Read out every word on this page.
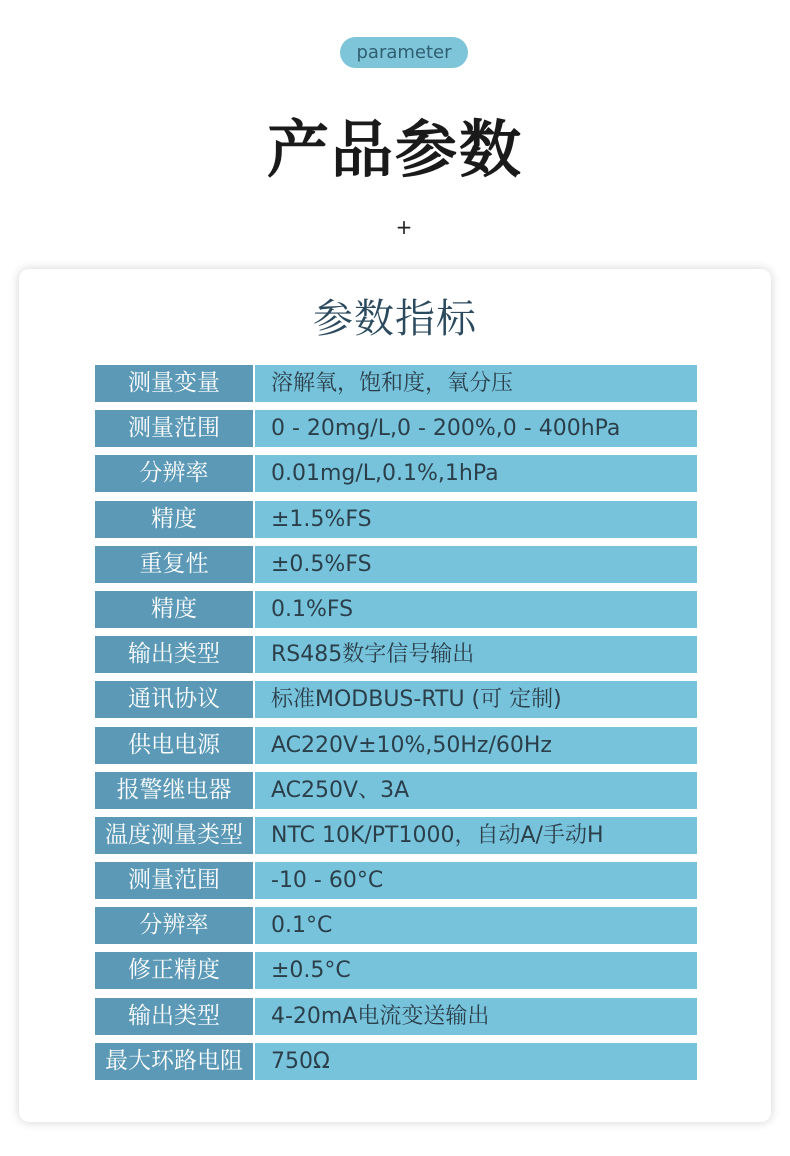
parameter
产品参数
+
参数指标
测量变量	溶解氧，饱和度，氧分压
测量范围	0 - 20mg/L,0 - 200%,0 - 400hPa
分辨率	0.01mg/L,0.1%,1hPa
精度	±1.5%FS
重复性	±0.5%FS
精度	0.1%FS
输出类型	RS485数字信号输出
通讯协议	标准MODBUS-RTU (可 定制)
供电电源	AC220V±10%,50Hz/60Hz
报警继电器	AC250V、3A
温度测量类型	NTC 10K/PT1000，自动A/手动H
测量范围	-10 - 60°C
分辨率	0.1°C
修正精度	±0.5°C
输出类型	4-20mA电流变送输出
最大环路电阻	750Ω
